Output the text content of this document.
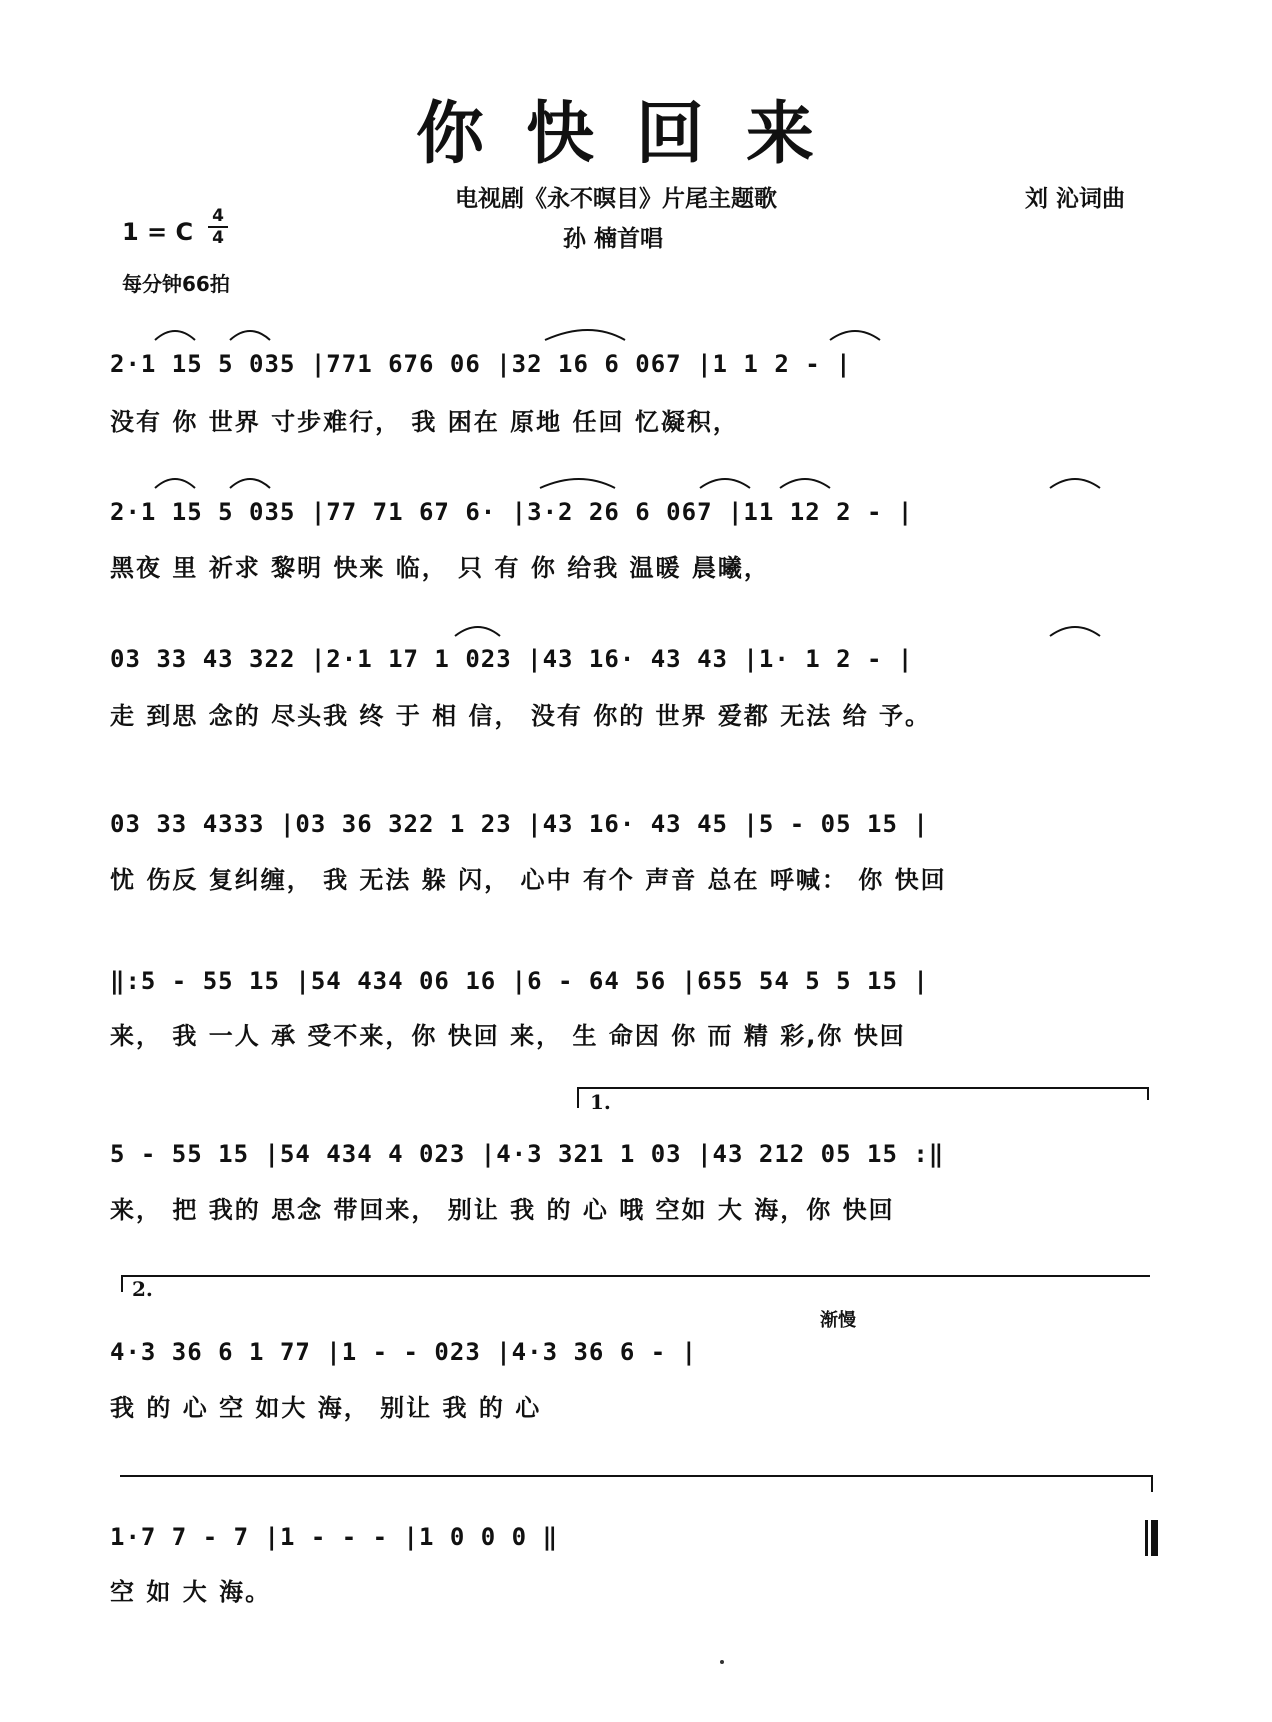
你快回来
电视剧《永不暝目》片尾主题歌	刘 沁词曲
孙 楠首唱
1 = C
4
4
每分钟66拍
2·1 15 5 035 |771 676 06 |32 16 6 067 |1 1 2 - |
没有 你 世界 寸步难行， 我 困在 原地 任回 忆凝积，
2·1 15 5 035 |77 71 67 6· |3·2 26 6 067 |11 12 2 - |
黑夜 里 祈求 黎明 快来 临， 只 有 你 给我 温暖 晨曦，
03 33 43 322 |2·1 17 1 023 |43 16· 43 43 |1· 1 2 - |
走 到思 念的 尽头我 终 于 相 信， 没有 你的 世界 爱都 无法 给 予。
03 33 4333 |03 36 322 1 23 |43 16· 43 45 |5 - 05 15 |
忧 伤反 复纠缠， 我 无法 躲 闪， 心中 有个 声音 总在 呼喊： 你 快回
‖:5 - 55 15 |54 434 06 16 |6 - 64 56 |655 54 5 5 15 |
来， 我 一人 承 受不来，你 快回 来， 生 命因 你 而 精 彩,你 快回
1.
5 - 55 15 |54 434 4 023 |4·3 321 1 03 |43 212 05 15 :‖
来， 把 我的 思念 带回来， 别让 我 的 心 哦 空如 大 海，你 快回
2.
渐慢
4·3 36 6 1 77 |1 - - 023 |4·3 36 6 - |
我 的 心 空 如大 海， 别让 我 的 心
1·7 7 - 7 |1 - - - |1 0 0 0 ‖
空 如 大 海。
